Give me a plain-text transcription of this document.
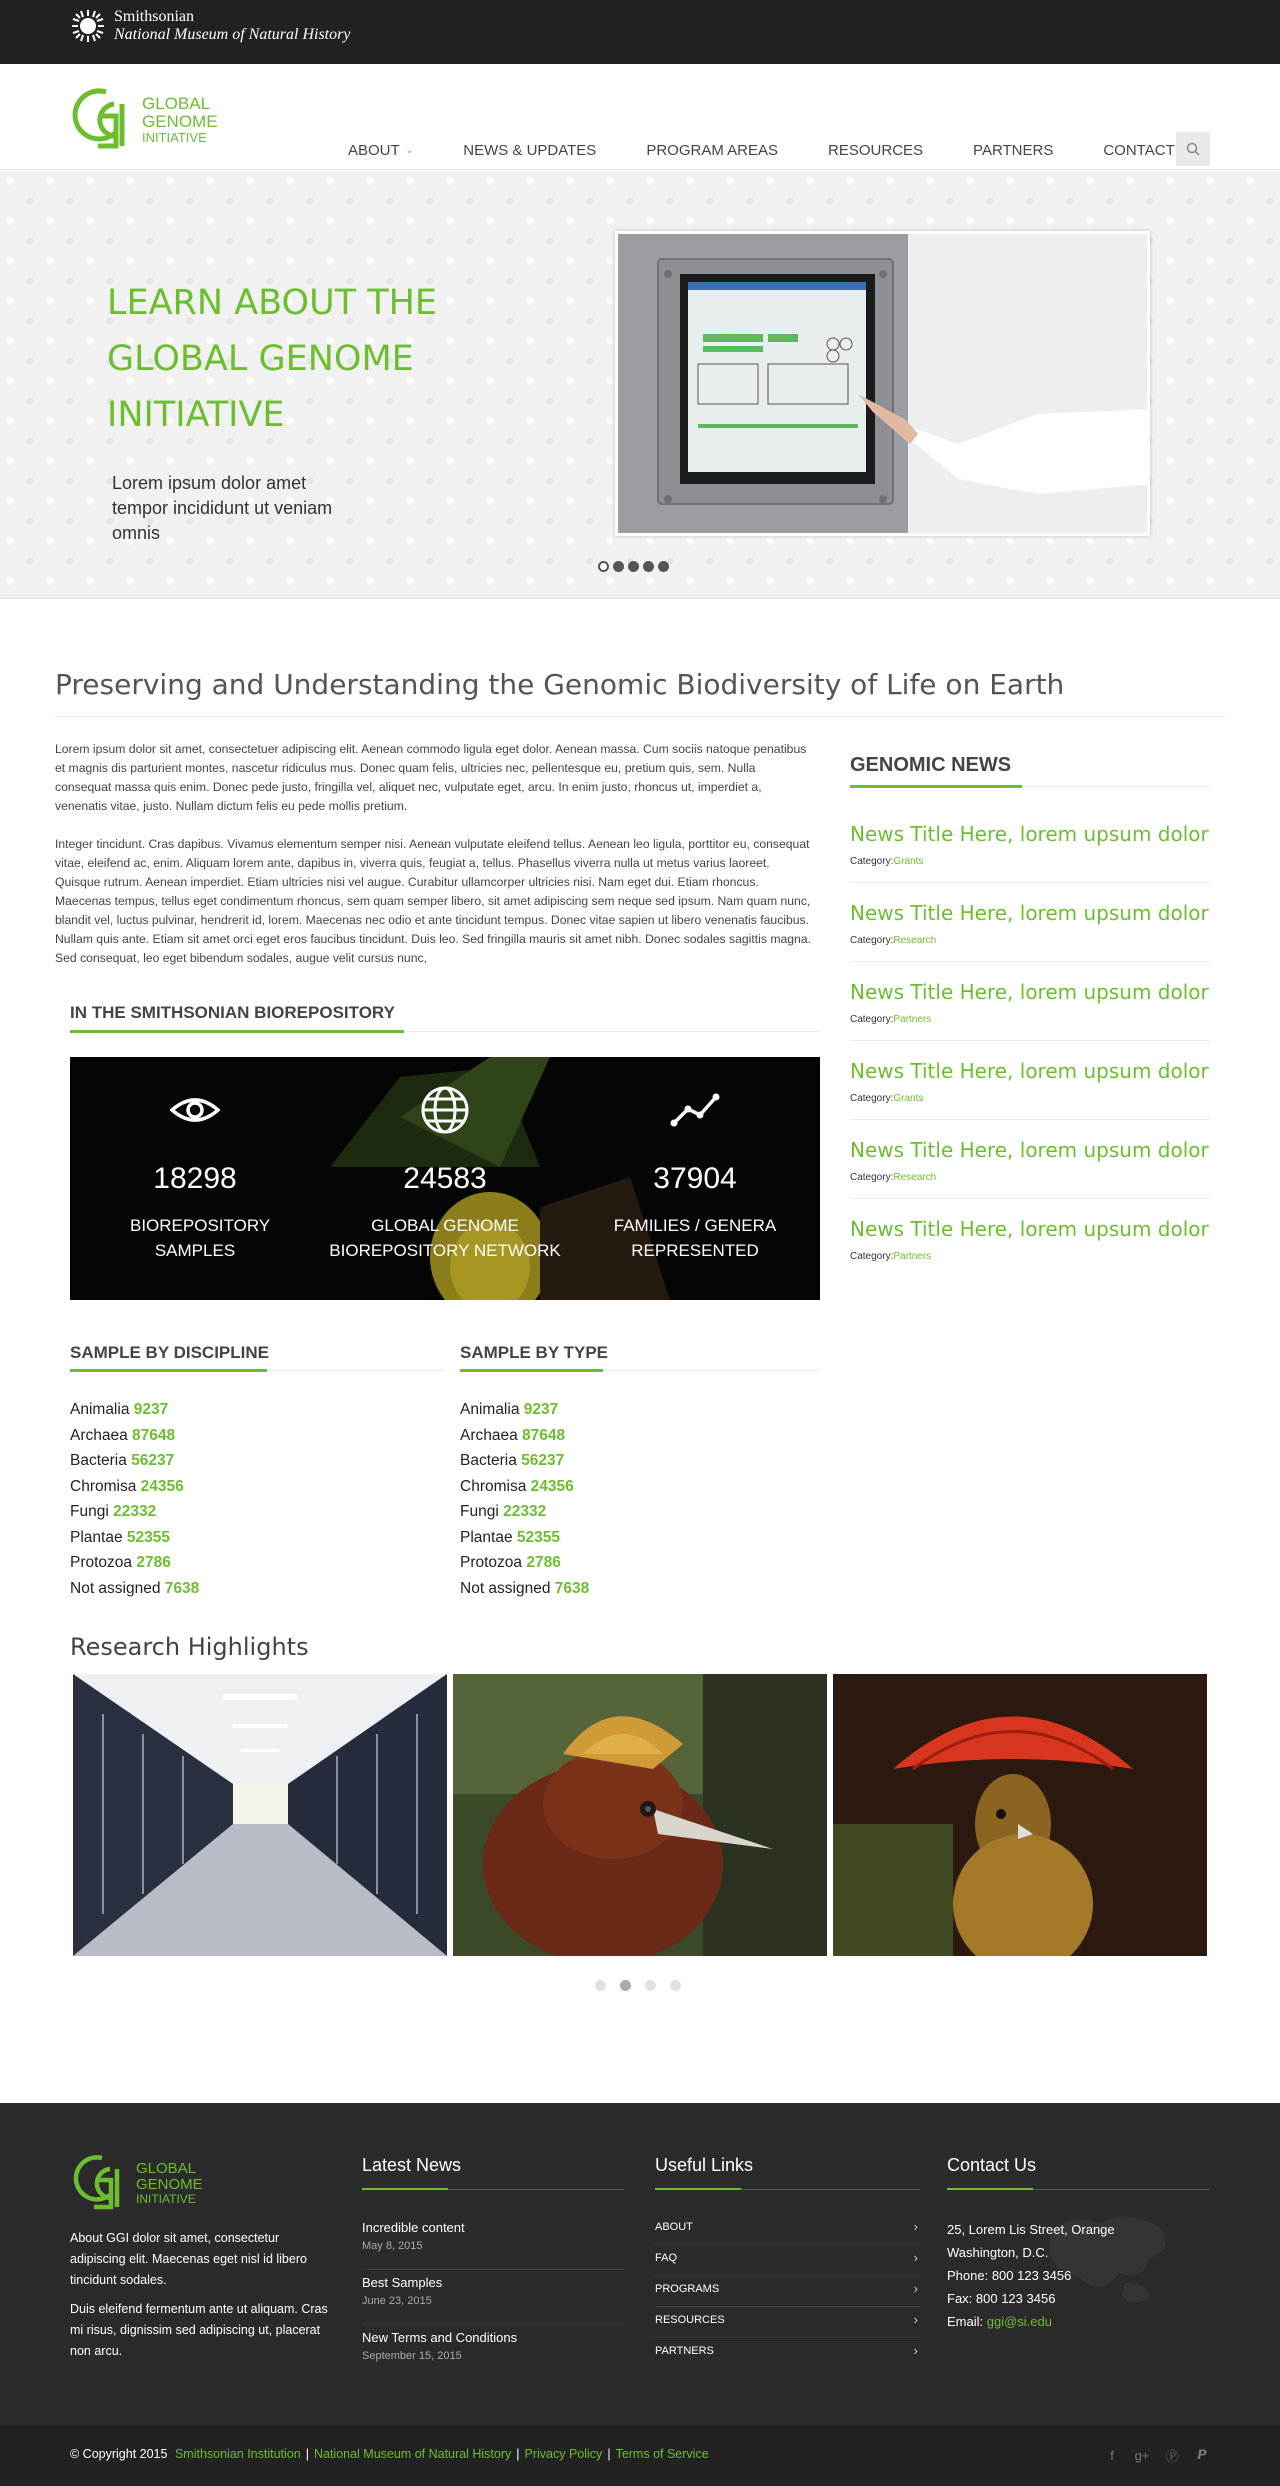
Smithsonian
National Museum of Natural History
GLOBAL
GENOME
INITIATIVE
ABOUT ⌄	NEWS & UPDATES	PROGRAM AREAS	RESOURCES	PARTNERS	CONTACT
LEARN ABOUT THE GLOBAL GENOME INITIATIVE
Lorem ipsum dolor amet tempor incididunt ut veniam omnis
Preserving and Understanding the Genomic Biodiversity of Life on Earth
Lorem ipsum dolor sit amet, consectetuer adipiscing elit. Aenean commodo ligula eget dolor. Aenean massa. Cum sociis natoque penatibus et magnis dis parturient montes, nascetur ridiculus mus. Donec quam felis, ultricies nec, pellentesque eu, pretium quis, sem. Nulla consequat massa quis enim. Donec pede justo, fringilla vel, aliquet nec, vulputate eget, arcu. In enim justo, rhoncus ut, imperdiet a, venenatis vitae, justo. Nullam dictum felis eu pede mollis pretium.
Integer tincidunt. Cras dapibus. Vivamus elementum semper nisi. Aenean vulputate eleifend tellus. Aenean leo ligula, porttitor eu, consequat vitae, eleifend ac, enim. Aliquam lorem ante, dapibus in, viverra quis, feugiat a, tellus. Phasellus viverra nulla ut metus varius laoreet. Quisque rutrum. Aenean imperdiet. Etiam ultricies nisi vel augue. Curabitur ullamcorper ultricies nisi. Nam eget dui. Etiam rhoncus. Maecenas tempus, tellus eget condimentum rhoncus, sem quam semper libero, sit amet adipiscing sem neque sed ipsum. Nam quam nunc, blandit vel, luctus pulvinar, hendrerit id, lorem. Maecenas nec odio et ante tincidunt tempus. Donec vitae sapien ut libero venenatis faucibus. Nullam quis ante. Etiam sit amet orci eget eros faucibus tincidunt. Duis leo. Sed fringilla mauris sit amet nibh. Donec sodales sagittis magna. Sed consequat, leo eget bibendum sodales, augue velit cursus nunc,
IN THE SMITHSONIAN BIOREPOSITORY
18298
BIOREPOSITORY SAMPLES
24583
GLOBAL GENOME BIOREPOSITORY NETWORK
37904
FAMILIES / GENERA REPRESENTED
GENOMIC NEWS
News Title Here, lorem upsum dolor
Category:Grants
News Title Here, lorem upsum dolor
Category:Research
News Title Here, lorem upsum dolor
Category:Partners
News Title Here, lorem upsum dolor
Category:Grants
News Title Here, lorem upsum dolor
Category:Research
News Title Here, lorem upsum dolor
Category:Partners
SAMPLE BY DISCIPLINE
Animalia 9237
Archaea 87648
Bacteria 56237
Chromisa 24356
Fungi 22332
Plantae 52355
Protozoa 2786
Not assigned 7638
SAMPLE BY TYPE
Animalia 9237
Archaea 87648
Bacteria 56237
Chromisa 24356
Fungi 22332
Plantae 52355
Protozoa 2786
Not assigned 7638
Research Highlights
GLOBAL
GENOME
INITIATIVE
About GGI dolor sit amet, consectetur adipiscing elit. Maecenas eget nisl id libero tincidunt sodales.
Duis eleifend fermentum ante ut aliquam. Cras mi risus, dignissim sed adipiscing ut, placerat non arcu.
Latest News
Incredible content
May 8, 2015
Best Samples
June 23, 2015
New Terms and Conditions
September 15, 2015
Useful Links
ABOUT	›
FAQ	›
PROGRAMS	›
RESOURCES	›
PARTNERS	›
Contact Us
25, Lorem Lis Street, Orange
Washington, D.C.
Phone: 800 123 3456
Fax: 800 123 3456
Email: ggi@si.edu
© Copyright 2015 Smithsonian Institution | National Museum of Natural History | Privacy Policy | Terms of Service	f	g+ Ⓟ	𝙋
